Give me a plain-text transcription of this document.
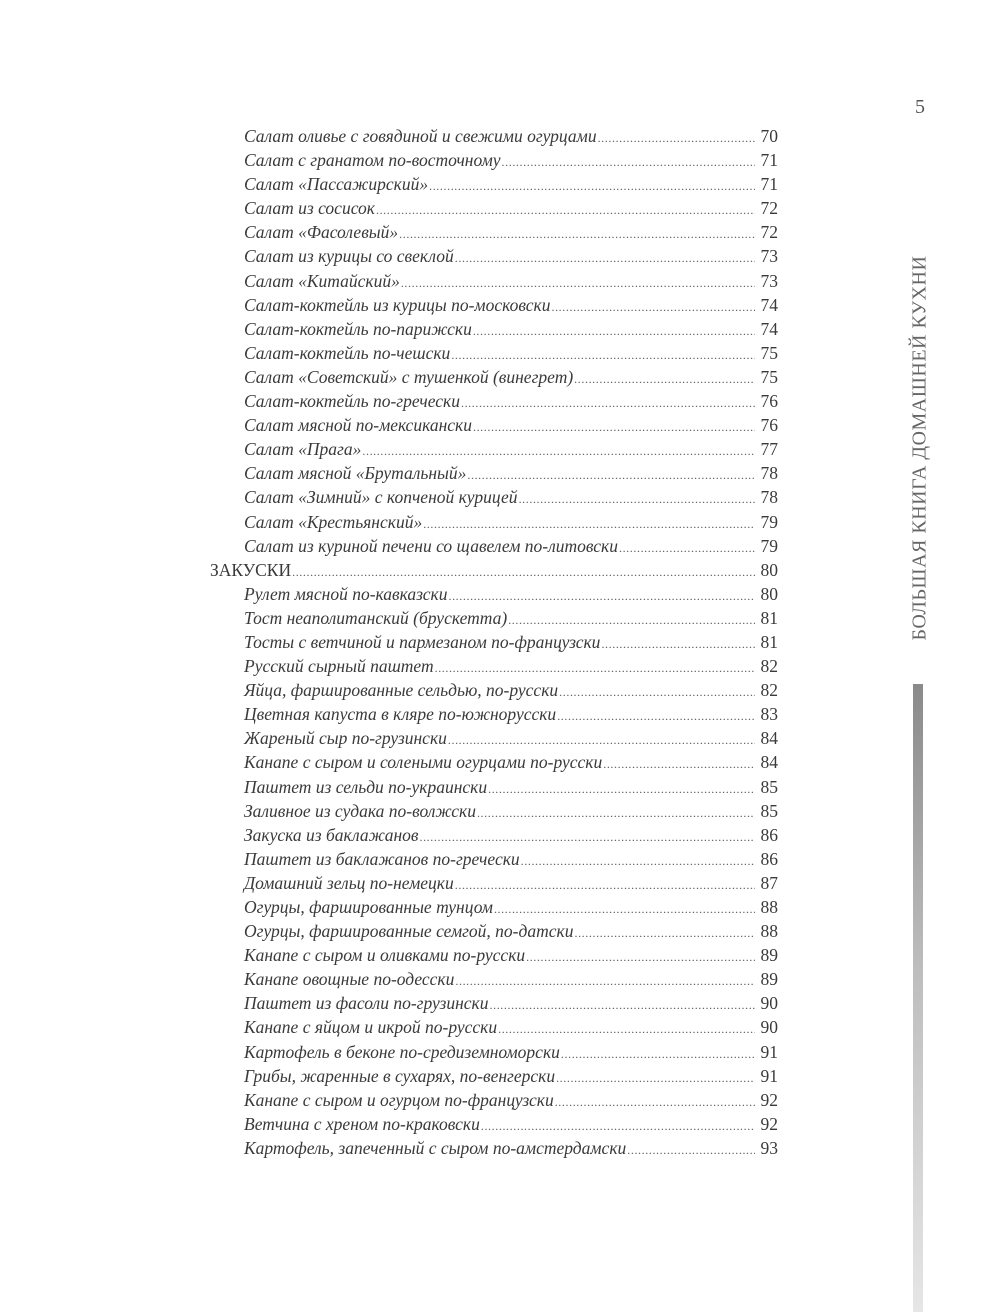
5
БОЛЬШАЯ КНИГА ДОМАШНЕЙ КУХНИ
Салат оливье с говядиной и свежими огурцами .....	70
Салат с гранатом по-восточному .....	71
Салат «Пассажирский» .....	71
Салат из сосисок .....	72
Салат «Фасолевый» .....	72
Салат из курицы со свеклой .....	73
Салат «Китайский» .....	73
Салат-коктейль из курицы по-московски .....	74
Салат-коктейль по-парижски .....	74
Салат-коктейль по-чешски .....	75
Салат «Советский» с тушенкой (винегрет) .....	75
Салат-коктейль по-гречески .....	76
Салат мясной по-мексикански .....	76
Салат «Прага» .....	77
Салат мясной «Брутальный» .....	78
Салат «Зимний» с копченой курицей .....	78
Салат «Крестьянский» .....	79
Салат из куриной печени со щавелем по-литовски .....	79
ЗАКУСКИ .....	80
Рулет мясной по-кавказски .....	80
Тост неаполитанский (брускетта) .....	81
Тосты с ветчиной и пармезаном по-французски .....	81
Русский сырный паштет .....	82
Яйца, фаршированные сельдью, по-русски .....	82
Цветная капуста в кляре по-южнорусски .....	83
Жареный сыр по-грузински .....	84
Канапе с сыром и солеными огурцами по-русски .....	84
Паштет из сельди по-украински .....	85
Заливное из судака по-волжски .....	85
Закуска из баклажанов .....	86
Паштет из баклажанов по-гречески .....	86
Домашний зельц по-немецки .....	87
Огурцы, фаршированные тунцом .....	88
Огурцы, фаршированные семгой, по-датски .....	88
Канапе с сыром и оливками по-русски .....	89
Канапе овощные по-одесски .....	89
Паштет из фасоли по-грузински .....	90
Канапе с яйцом и икрой по-русски .....	90
Картофель в беконе по-средиземноморски .....	91
Грибы, жаренные в сухарях, по-венгерски .....	91
Канапе с сыром и огурцом по-французски .....	92
Ветчина с хреном по-краковски .....	92
Картофель, запеченный с сыром по-амстердамски .....	93
